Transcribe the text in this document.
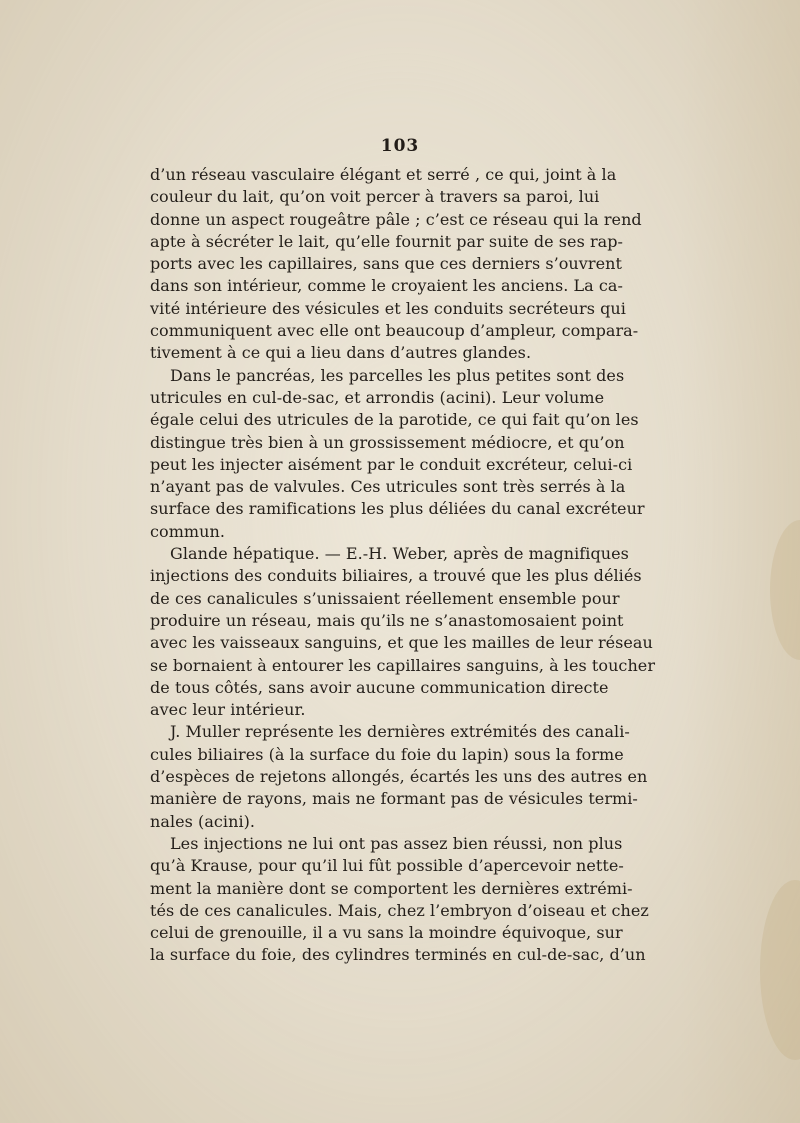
103
d’un réseau vasculaire élégant et serré , ce qui, joint à la
couleur du lait, qu’on voit percer à travers sa paroi, lui
donne un aspect rougeâtre pâle ; c’est ce réseau qui la rend
apte à sécréter le lait, qu’elle fournit par suite de ses rap-
ports avec les capillaires, sans que ces derniers s’ouvrent
dans son intérieur, comme le croyaient les anciens. La ca-
vité intérieure des vésicules et les conduits secréteurs qui
communiquent avec elle ont beaucoup d’ampleur, compara-
tivement à ce qui a lieu dans d’autres glandes.
Dans le pancréas, les parcelles les plus petites sont des
utricules en cul-de-sac, et arrondis (acini). Leur volume
égale celui des utricules de la parotide, ce qui fait qu’on les
distingue très bien à un grossissement médiocre, et qu’on
peut les injecter aisément par le conduit excréteur, celui-ci
n’ayant pas de valvules. Ces utricules sont très serrés à la
surface des ramifications les plus déliées du canal excréteur
commun.
Glande hépatique. — E.-H. Weber, après de magnifiques
injections des conduits biliaires, a trouvé que les plus déliés
de ces canalicules s’unissaient réellement ensemble pour
produire un réseau, mais qu’ils ne s’anastomosaient point
avec les vaisseaux sanguins, et que les mailles de leur réseau
se bornaient à entourer les capillaires sanguins, à les toucher
de tous côtés, sans avoir aucune communication directe
avec leur intérieur.
J. Muller représente les dernières extrémités des canali-
cules biliaires (à la surface du foie du lapin) sous la forme
d’espèces de rejetons allongés, écartés les uns des autres en
manière de rayons, mais ne formant pas de vésicules termi-
nales (acini).
Les injections ne lui ont pas assez bien réussi, non plus
qu’à Krause, pour qu’il lui fût possible d’apercevoir nette-
ment la manière dont se comportent les dernières extrémi-
tés de ces canalicules. Mais, chez l’embryon d’oiseau et chez
celui de grenouille, il a vu sans la moindre équivoque, sur
la surface du foie, des cylindres terminés en cul-de-sac, d’un
